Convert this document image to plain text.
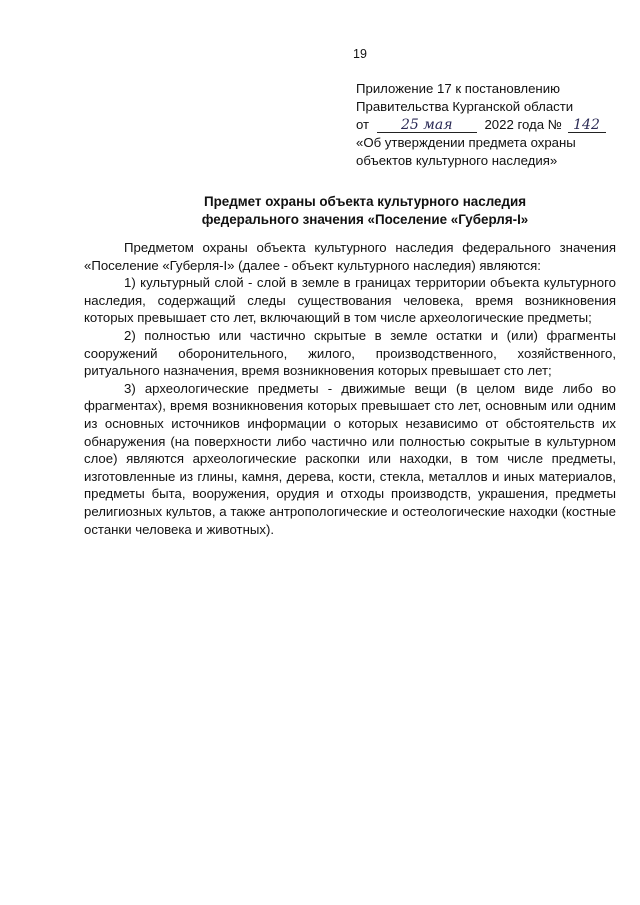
19
Приложение 17 к постановлению
Правительства Курганской области
от 25 мая 2022 года № 142
«Об утверждении предмета охраны
объектов культурного наследия»
Предмет охраны объекта культурного наследия
федерального значения «Поселение «Губерля-I»

Предметом охраны объекта культурного наследия федерального значения «Поселение «Губерля-I» (далее - объект культурного наследия) являются:

1) культурный слой - слой в земле в границах территории объекта культурного наследия, содержащий следы существования человека, время возникновения которых превышает сто лет, включающий в том числе археологические предметы;

2) полностью или частично скрытые в земле остатки и (или) фрагменты сооружений оборонительного, жилого, производственного, хозяйственного, ритуального назначения, время возникновения которых превышает сто лет;

3) археологические предметы - движимые вещи (в целом виде либо во фрагментах), время возникновения которых превышает сто лет, основным или одним из основных источников информации о которых независимо от обстоятельств их обнаружения (на поверхности либо частично или полностью сокрытые в культурном слое) являются археологические раскопки или находки, в том числе предметы, изготовленные из глины, камня, дерева, кости, стекла, металлов и иных материалов, предметы быта, вооружения, орудия и отходы производств, украшения, предметы религиозных культов, а также антропологические и остеологические находки (костные останки человека и животных).
